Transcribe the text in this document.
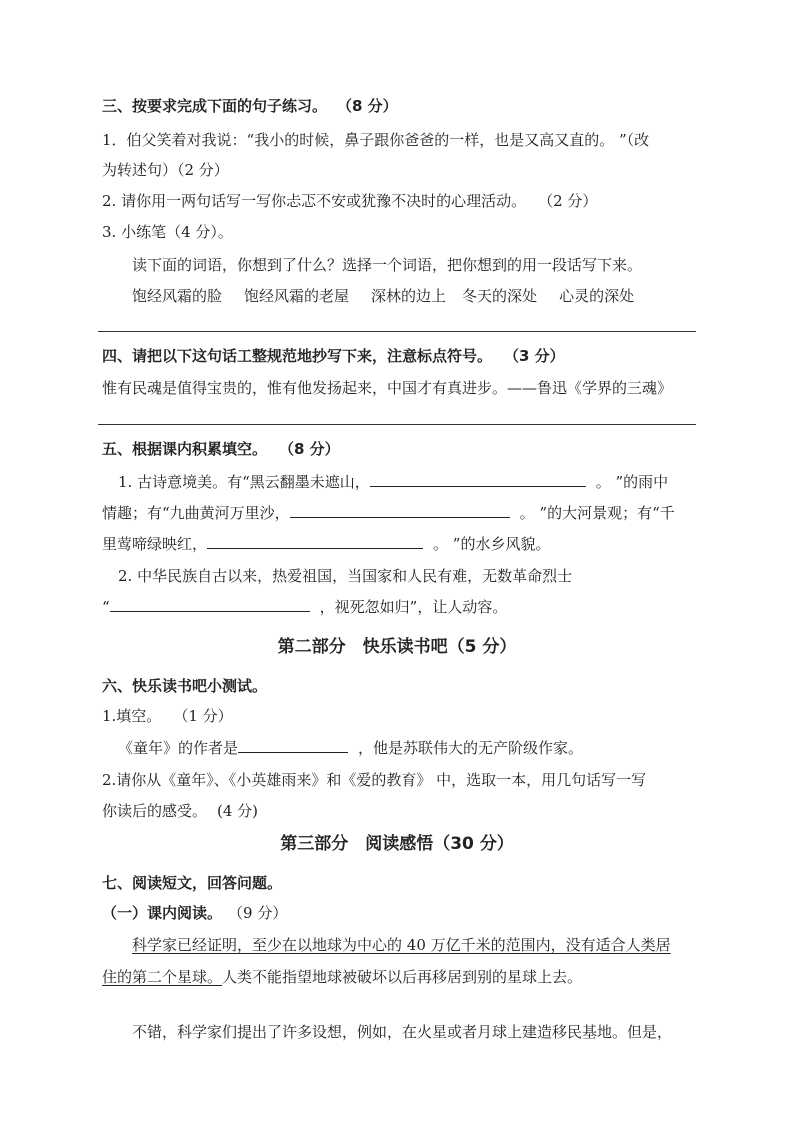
三、按要求完成下面的句子练习。 （8 分）
1．伯父笑着对我说：“我小的时候，鼻子跟你爸爸的一样，也是又高又直的。 ”（改
为转述句）（2 分）
2. 请你用一两句话写一写你忐忑不安或犹豫不决时的心理活动。 （2 分）
3. 小练笔（4 分）。
读下面的词语，你想到了什么？选择一个词语，把你想到的用一段话写下来。
饱经风霜的脸 饱经风霜的老屋 深林的边上 冬天的深处 心灵的深处
四、请把以下这句话工整规范地抄写下来，注意标点符号。 （3 分）
惟有民魂是值得宝贵的，惟有他发扬起来，中国才有真进步。——鲁迅《学界的三魂》
五、根据课内积累填空。 （8 分）
1. 古诗意境美。有“黑云翻墨未遮山，	。 ”的雨中
情趣；有“九曲黄河万里沙，	。 ”的大河景观；有“千
里莺啼绿映红，	。 ”的水乡风貌。
2. 中华民族自古以来，热爱祖国，当国家和人民有难，无数革命烈士
“	，视死忽如归”，让人动容。
第二部分　快乐读书吧（5 分）
六、快乐读书吧小测试。
1.填空。 （1 分）
《童年》的作者是	，他是苏联伟大的无产阶级作家。
2.请你从《童年》、《小英雄雨来》和《爱的教育》 中，选取一本，用几句话写一写
你读后的感受。 (4 分)
第三部分　阅读感悟（30 分）
七、阅读短文，回答问题。
（一）课内阅读。 （9 分）
科学家已经证明，至少在以地球为中心的 40 万亿千米的范围内，没有适合人类居
住的第二个星球。人类不能指望地球被破坏以后再移居到别的星球上去。
不错，科学家们提出了许多设想，例如，在火星或者月球上建造移民基地。但是，
